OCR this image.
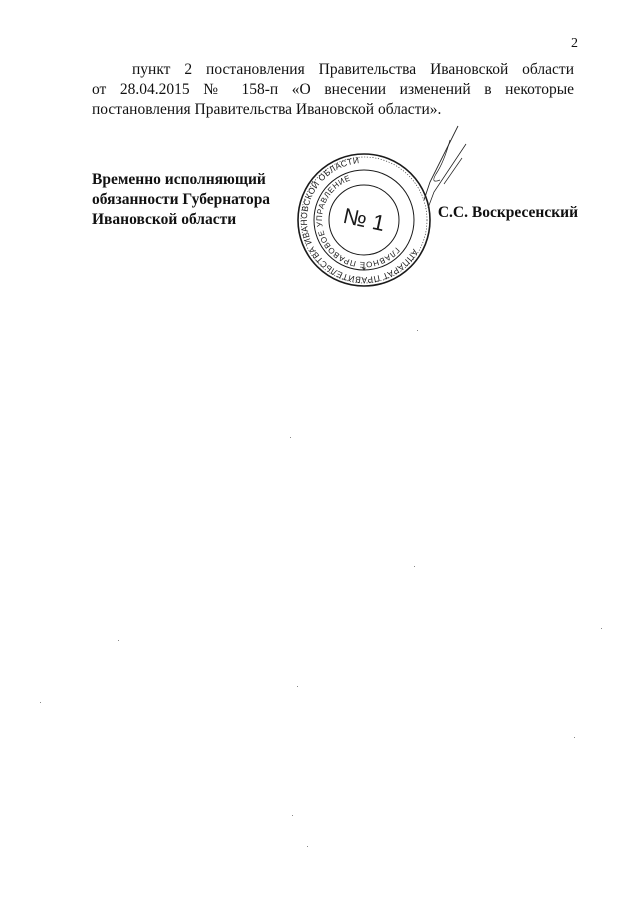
2
пункт 2 постановления Правительства Ивановской области
от 28.04.2015 № 158-п «О внесении изменений в некоторые
постановления Правительства Ивановской области».
Временно исполняющий
обязанности Губернатора
Ивановской области	С.С. Воскресенский
АППАРАТ ПРАВИТЕЛЬСТВА ИВАНОВСКОЙ ОБЛАСТИ
ГЛАВНОЕ ПРАВОВОЕ УПРАВЛЕНИЕ
№ 1
*
